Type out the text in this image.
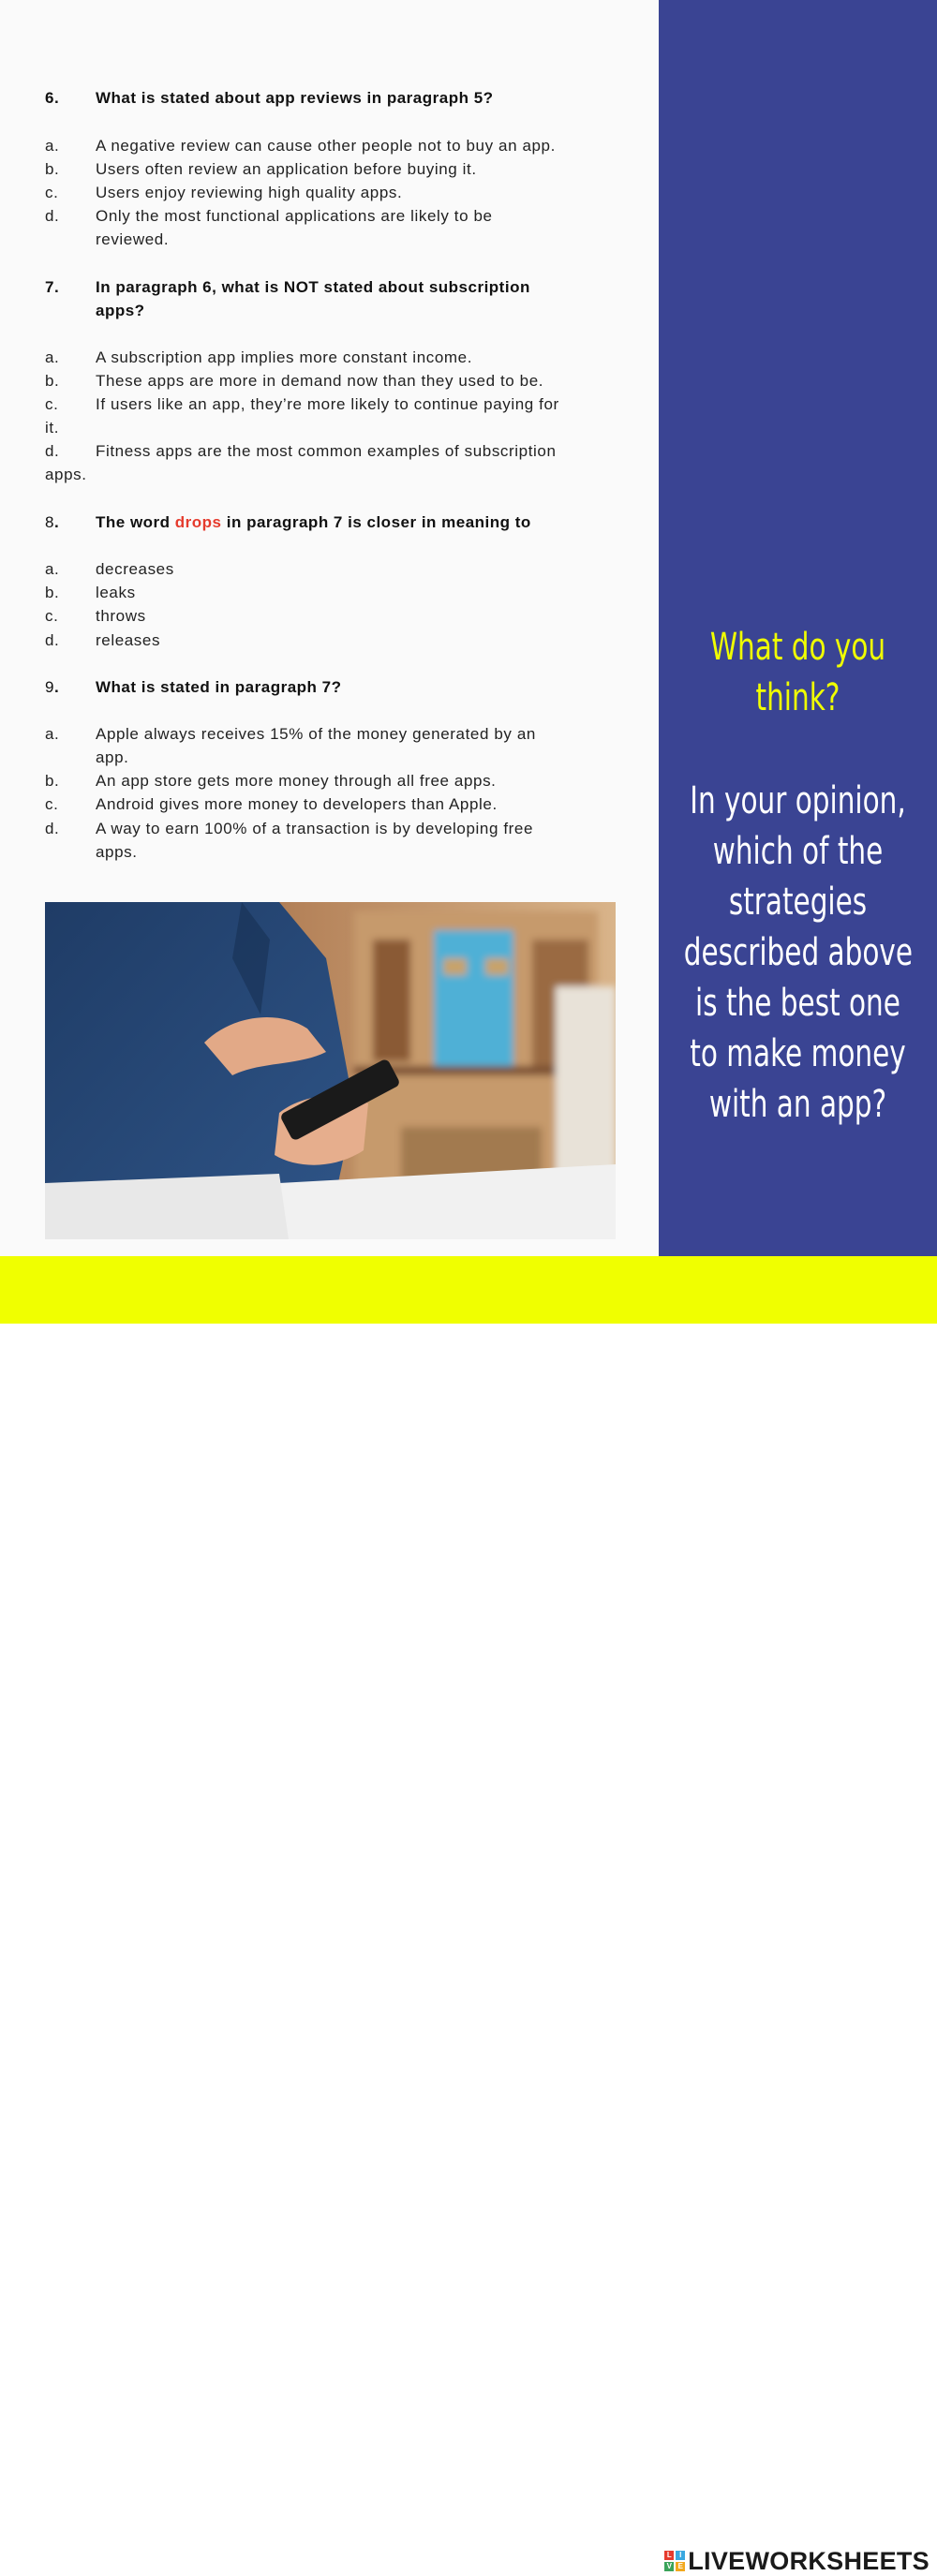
6. What is stated about app reviews in paragraph 5?
a. A negative review can cause other people not to buy an app.
b. Users often review an application before buying it.
c. Users enjoy reviewing high quality apps.
d. Only the most functional applications are likely to be
reviewed.
7. In paragraph 6, what is NOT stated about subscription
apps?
a. A subscription app implies more constant income.
b. These apps are more in demand now than they used to be.
c. If users like an app, they’re more likely to continue paying for
it.
d. Fitness apps are the most common examples of subscription
apps.
8. The word drops in paragraph 7 is closer in meaning to
a. decreases
b. leaks
c. throws
d. releases
9. What is stated in paragraph 7?
a. Apple always receives 15% of the money generated by an
app.
b. An app store gets more money through all free apps.
c. Android gives more money to developers than Apple.
d. A way to earn 100% of a transaction is by developing free
apps.
What do you
think?
In your opinion,
which of the
strategies
described above
is the best one
to make money
with an app?
L	I
V E LIVEWORKSHEETS
